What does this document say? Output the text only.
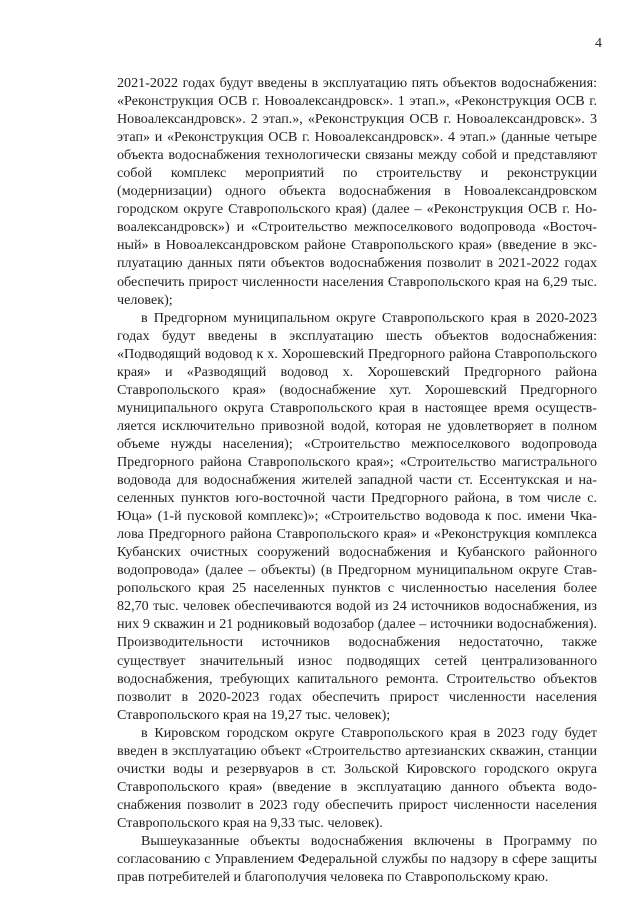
4

2021-2022 годах будут введены в эксплуатацию пять объектов водоснабжения: «Реконструкция ОСВ г. Новоалександровск». 1 этап.», «Реконструкция ОСВ г. Новоалександровск». 2 этап.», «Реконструкция ОСВ г. Новоалександровск». 3 этап» и «Реконструкция ОСВ г. Новоалександровск». 4 этап.» (данные четыре объекта водоснабжения технологически связаны между собой и представляют собой комплекс мероприятий по строительству и реконструкции (модернизации) одного объекта водоснабжения в Новоалександровском городском округе Ставропольского края) (далее – «Реконструкция ОСВ г. Новоалександровск») и «Строительство межпоселкового водопровода «Восточный» в Новоалександровском районе Ставропольского края» (введение в эксплуатацию данных пяти объектов водоснабжения позволит в 2021-2022 годах обеспечить прирост численности населения Ставропольского края на 6,29 тыс. человек);

в Предгорном муниципальном округе Ставропольского края в 2020-2023 годах будут введены в эксплуатацию шесть объектов водоснабжения: «Подводящий водовод к х. Хорошевский Предгорного района Ставропольского края» и «Разводящий водовод х. Хорошевский Предгорного района Ставропольского края» (водоснабжение хут. Хорошевский Предгорного муниципального округа Ставропольского края в настоящее время осуществляется исключительно привозной водой, которая не удовлетворяет в полном объеме нужды населения); «Строительство межпоселкового водопровода Предгорного района Ставропольского края»; «Строительство магистрального водовода для водоснабжения жителей западной части ст. Ессентукская и населенных пунктов юго-восточной части Предгорного района, в том числе с. Юца» (1-й пусковой комплекс)»; «Строительство водовода к пос. имени Чкалова Предгорного района Ставропольского края» и «Реконструкция комплекса Кубанских очистных сооружений водоснабжения и Кубанского районного водопровода» (далее – объекты) (в Предгорном муниципальном округе Ставропольского края 25 населенных пунктов с численностью населения более 82,70 тыс. человек обеспечиваются водой из 24 источников водоснабжения, из них 9 скважин и 21 родниковый водозабор (далее – источники водоснабжения). Производительности источников водоснабжения недостаточно, также существует значительный износ подводящих сетей централизованного водоснабжения, требующих капитального ремонта. Строительство объектов позволит в 2020-2023 годах обеспечить прирост численности населения Ставропольского края на 19,27 тыс. человек);

в Кировском городском округе Ставропольского края в 2023 году будет введен в эксплуатацию объект «Строительство артезианских скважин, станции очистки воды и резервуаров в ст. Зольской Кировского городского округа Ставропольского края» (введение в эксплуатацию данного объекта водоснабжения позволит в 2023 году обеспечить прирост численности населения Ставропольского края на 9,33 тыс. человек).

Вышеуказанные объекты водоснабжения включены в Программу по согласованию с Управлением Федеральной службы по надзору в сфере защиты прав потребителей и благополучия человека по Ставропольскому краю.
